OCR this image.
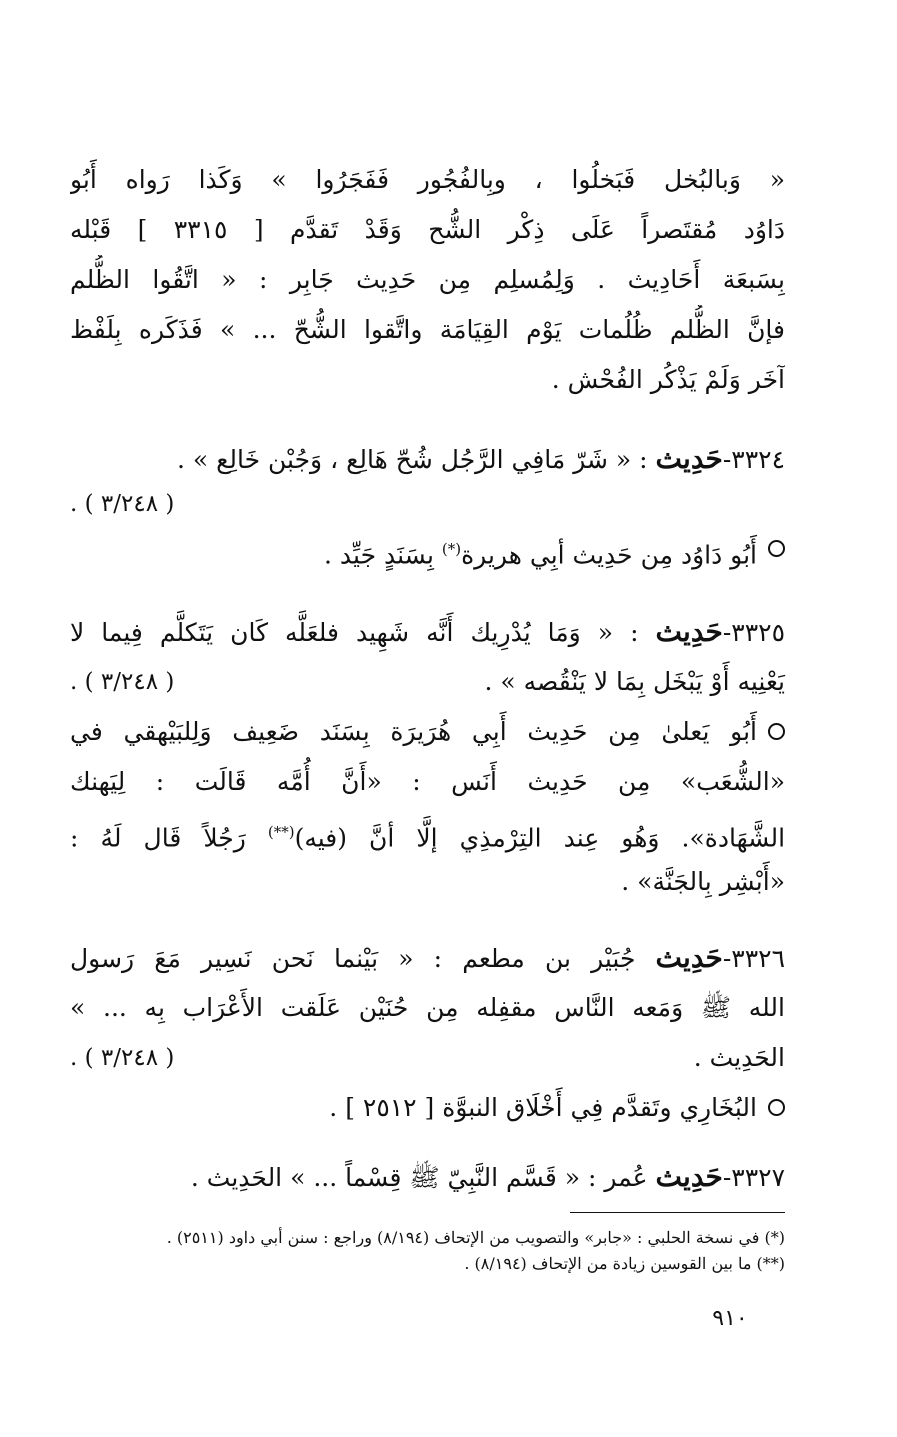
« وَبالبُخل فَبَخلُوا ، وبِالفُجُور فَفَجَرُوا » وَكَذا رَواه أَبُو
دَاوُد مُقتَصراً عَلَى ذِكْر الشُّح وَقَدْ تَقدَّم [ ٣٣١٥ ] قَبْله
بِسَبعَة أَحَادِيث . وَلِمُسلِم مِن حَدِيث جَابِر : « اتَّقُوا الظُّلم
فإنَّ الظُّلم ظُلُمات يَوْم القِيَامَة واتَّقوا الشُّحّ ... » فَذَكَره بِلَفْظ
آخَر وَلَمْ يَذْكُر الفُحْش .
٣٣٢٤-حَدِيث : « شَرّ مَافِي الرَّجُل شُحّ هَالِع ، وَجُبْن خَالِع » .
( ٣/٢٤٨ ) .
أَبُو دَاوُد مِن حَدِيث أبِي هريرة(*) بِسَنَدٍ جَيِّد .
٣٣٢٥-حَدِيث : « وَمَا يُدْرِيك أَنَّه شَهِيد فلعَلَّه كَان يَتَكلَّم فِيما لا
يَعْنِيه أَوْ يَبْخَل بِمَا لا يَنْقُصه » .
( ٣/٢٤٨ ) .
أَبُو يَعلىٰ مِن حَدِيث أَبِي هُرَيرَة بِسَنَد ضَعِيف وَلِلبَيْهقي في
«الشُّعَب» مِن حَدِيث أَنَس : «أَنَّ أُمَّه قَالَت : لِيَهنك
الشَّهَادة». وَهُو عِند التِرْمذِي إلَّا أنَّ (فيه)(**) رَجُلاً قَال لَهُ :
«أَبْشِر بِالجَنَّة» .
٣٣٢٦-حَدِيث جُبَيْر بن مطعم : « بَيْنما نَحن نَسِير مَعَ رَسول
الله ﷺ وَمَعه النَّاس مقفِله مِن حُنَيْن عَلَقت الأَعْرَاب بِه ... »
الحَدِيث .
( ٣/٢٤٨ ) .
البُخَارِي وتَقدَّم فِي أَخْلَاق النبوَّة [ ٢٥١٢ ] .
٣٣٢٧-حَدِيث عُمر : « قَسَّم النَّبِيّ ﷺ قِسْماً ... » الحَدِيث .
(*) في نسخة الحلبي : «جابر» والتصويب من الإتحاف (٨/١٩٤) وراجع : سنن أبي داود (٢٥١١) .
(**) ما بين القوسين زيادة من الإتحاف (٨/١٩٤) .
٩١٠
